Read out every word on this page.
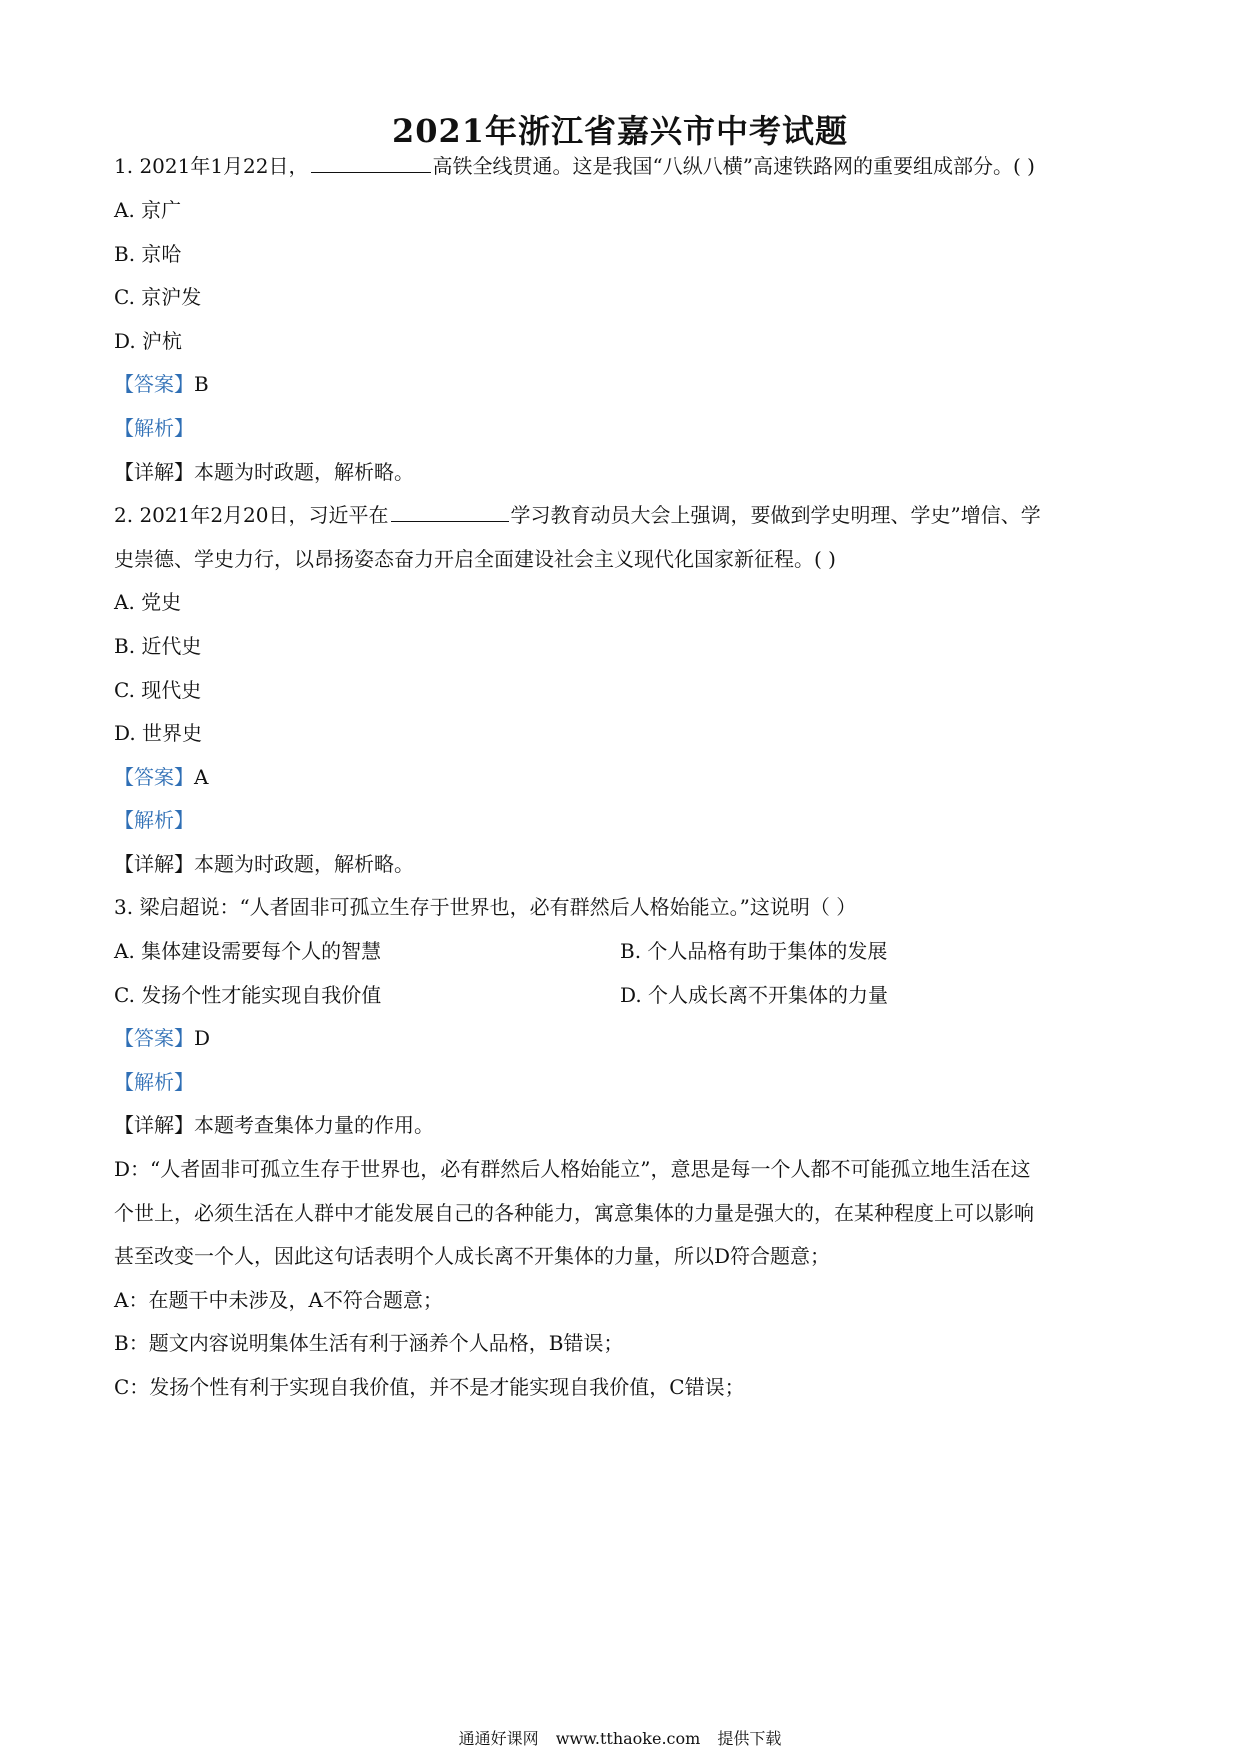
2021年浙江省嘉兴市中考试题
1. 2021年1月22日，	高铁全线贯通。这是我国“八纵八横”高速铁路网的重要组成部分。( )
A. 京广
B. 京哈
C. 京沪发
D. 沪杭
【答案】B
【解析】
【详解】本题为时政题，解析略。
2. 2021年2月20日，习近平在	学习教育动员大会上强调，要做到学史明理、学史”增信、学
史崇德、学史力行，以昂扬姿态奋力开启全面建设社会主义现代化国家新征程。( )
A. 党史
B. 近代史
C. 现代史
D. 世界史
【答案】A
【解析】
【详解】本题为时政题，解析略。
3. 梁启超说：“人者固非可孤立生存于世界也，必有群然后人格始能立。”这说明（ ）
A. 集体建设需要每个人的智慧	B. 个人品格有助于集体的发展
C. 发扬个性才能实现自我价值	D. 个人成长离不开集体的力量
【答案】D
【解析】
【详解】本题考查集体力量的作用。
D：“人者固非可孤立生存于世界也，必有群然后人格始能立”，意思是每一个人都不可能孤立地生活在这
个世上，必须生活在人群中才能发展自己的各种能力，寓意集体的力量是强大的，在某种程度上可以影响
甚至改变一个人，因此这句话表明个人成长离不开集体的力量，所以D符合题意；
A：在题干中未涉及，A不符合题意；
B：题文内容说明集体生活有利于涵养个人品格，B错误；
C：发扬个性有利于实现自我价值，并不是才能实现自我价值，C错误；
通通好课网 www.tthaoke.com 提供下载
